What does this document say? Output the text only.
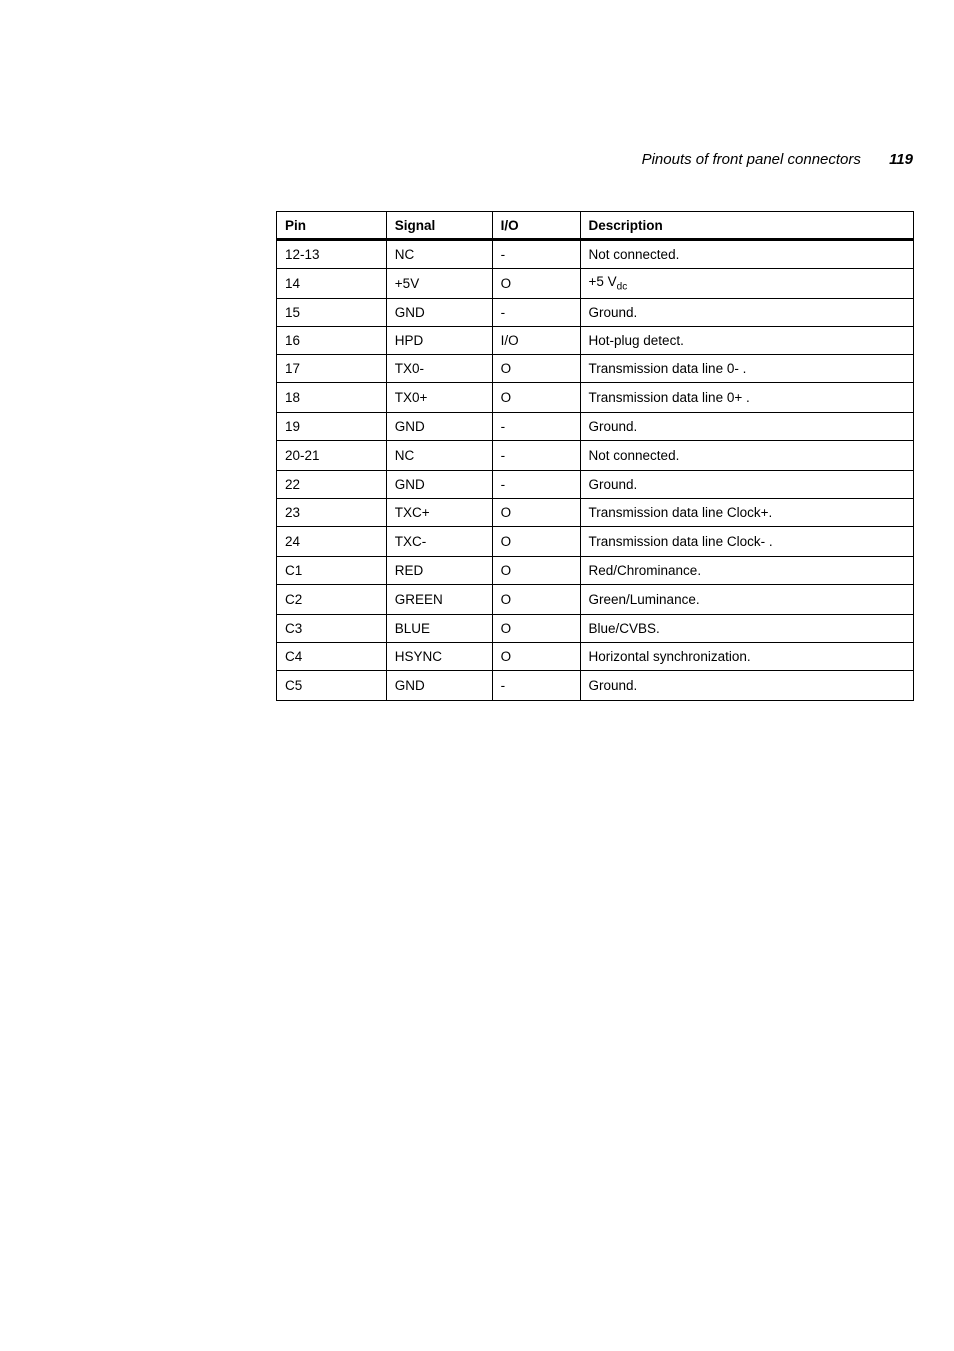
Pinouts of front panel connectors 119
Pin	Signal	I/O	Description
12-13	NC	-	Not connected.
14	+5V	O	+5 $V_{dc}$
15	GND	-	Ground.
16	HPD	I/O	Hot-plug detect.
17	TX0-	O	Transmission data line 0- .
18	TX0+	O	Transmission data line 0+ .
19	GND	-	Ground.
20-21	NC	-	Not connected.
22	GND	-	Ground.
23	TXC+	O	Transmission data line Clock+.
24	TXC-	O	Transmission data line Clock- .
C1	RED	O	Red/Chrominance.
C2	GREEN	O	Green/Luminance.
C3	BLUE	O	Blue/CVBS.
C4	HSYNC	O	Horizontal synchronization.
C5	GND	-	Ground.
